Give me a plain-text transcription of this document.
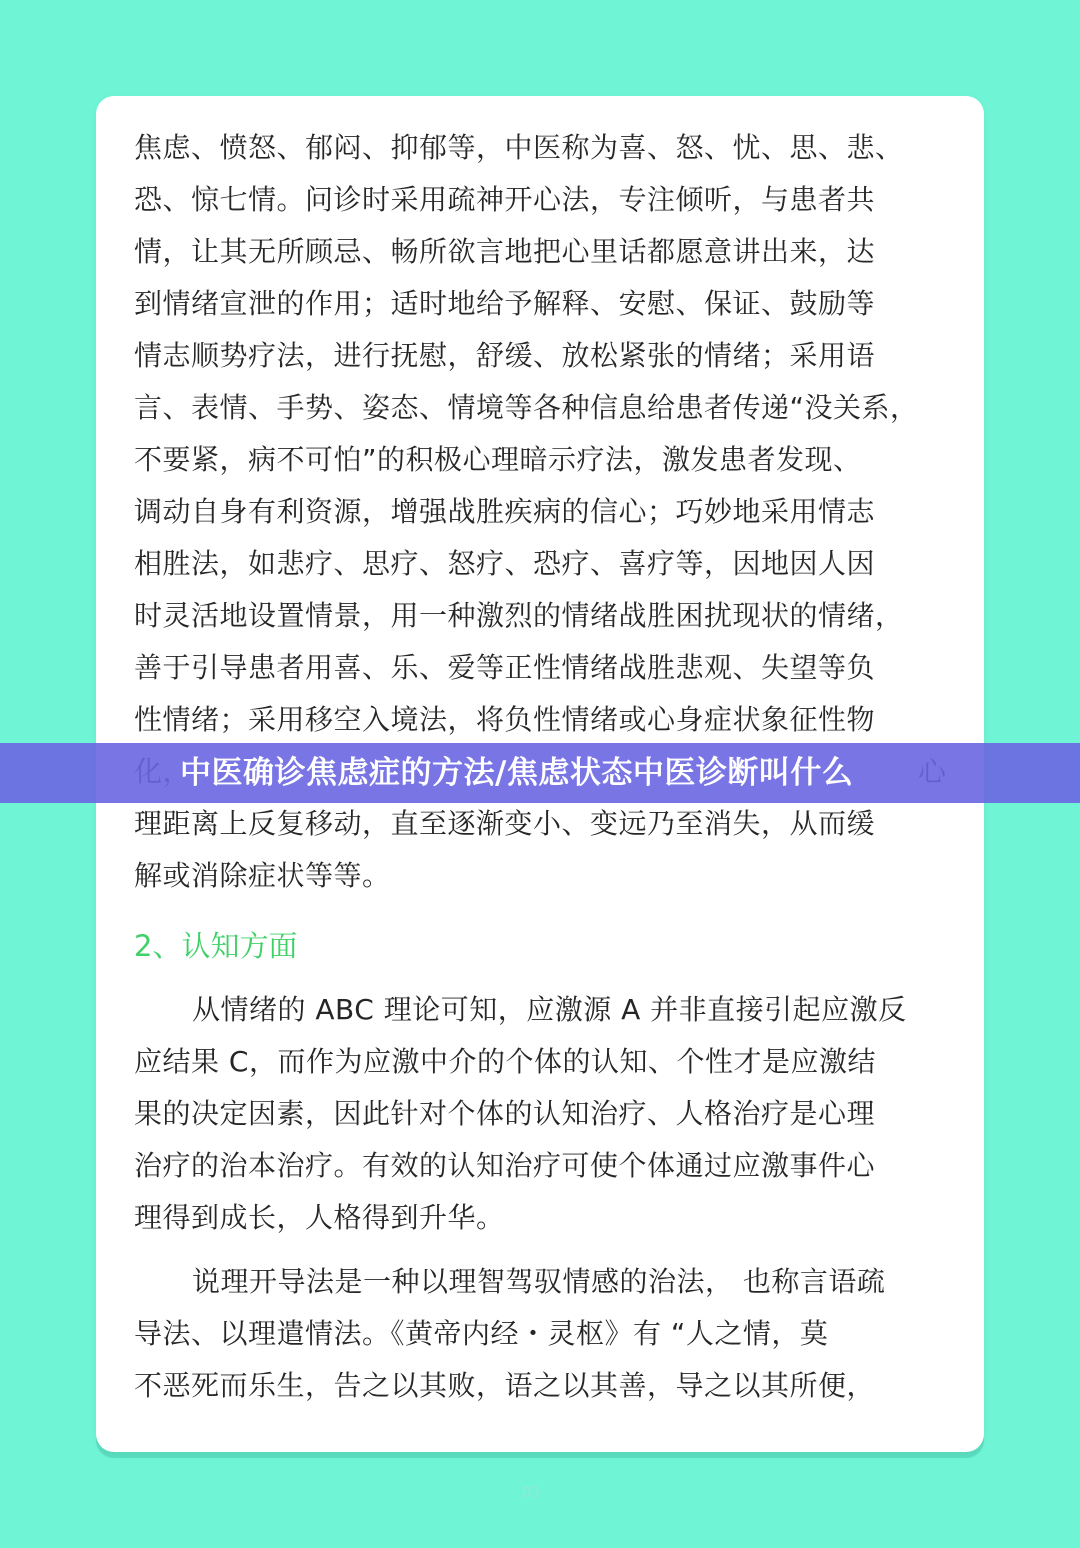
焦虑、愤怒、郁闷、抑郁等，中医称为喜、怒、忧、思、悲、
恐、惊七情。问诊时采用疏神开心法，专注倾听，与患者共
情，让其无所顾忌、畅所欲言地把心里话都愿意讲出来，达
到情绪宣泄的作用；适时地给予解释、安慰、保证、鼓励等
情志顺势疗法，进行抚慰，舒缓、放松紧张的情绪；采用语
言、表情、手势、姿态、情境等各种信息给患者传递“没关系，
不要紧，病不可怕”的积极心理暗示疗法，激发患者发现、
调动自身有利资源，增强战胜疾病的信心；巧妙地采用情志
相胜法，如悲疗、思疗、怒疗、恐疗、喜疗等，因地因人因
时灵活地设置情景，用一种激烈的情绪战胜困扰现状的情绪，
善于引导患者用喜、乐、爱等正性情绪战胜悲观、失望等负
性情绪；采用移空入境法，将负性情绪或心身症状象征性物
理距离上反复移动，直至逐渐变小、变远乃至消失，从而缓
解或消除症状等等。
2、认知方面
从情绪的 ABC 理论可知，应激源 A 并非直接引起应激反
应结果 C，而作为应激中介的个体的认知、个性才是应激结
果的决定因素，因此针对个体的认知治疗、人格治疗是心理
治疗的治本治疗。有效的认知治疗可使个体通过应激事件心
理得到成长，人格得到升华。
说理开导法是一种以理智驾驭情感的治法， 也称言语疏
导法、以理遣情法。《黄帝内经・灵枢》有 “人之情，莫
不恶死而乐生，告之以其败，语之以其善，导之以其所便，
中医确诊焦虑症的方法/焦虑状态中医诊断叫什么
03
